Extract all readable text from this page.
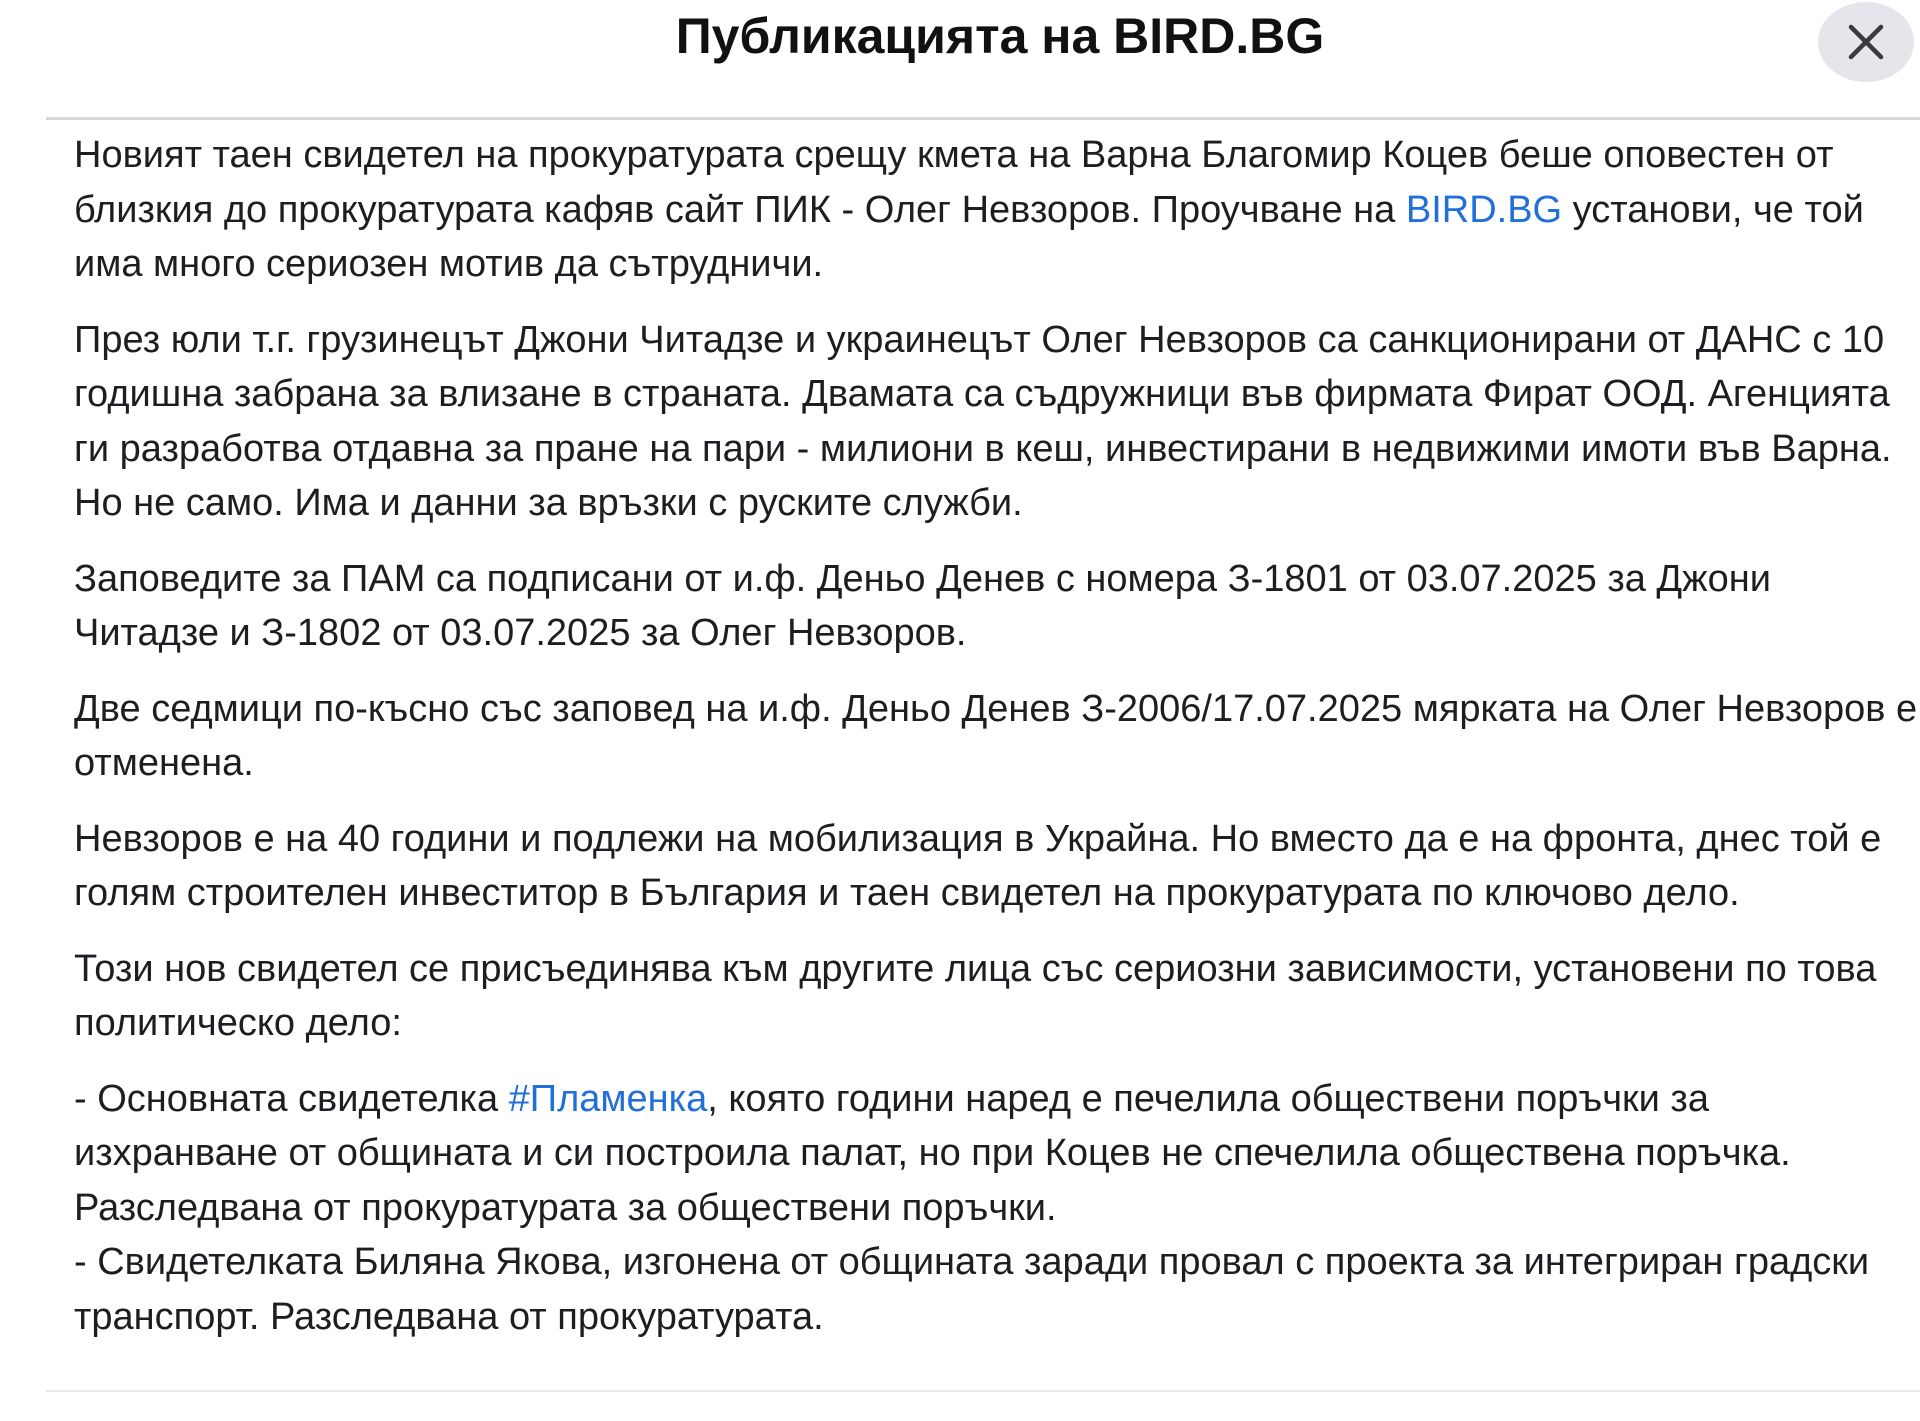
Публикацията на BIRD.BG

Новият таен свидетел на прокуратурата срещу кмета на Варна Благомир Коцев беше оповестен от близкия до прокуратурата кафяв сайт ПИК - Олег Невзоров. Проучване на BIRD.BG установи, че той има много сериозен мотив да сътрудничи.

През юли т.г. грузинецът Джони Читадзе и украинецът Олег Невзоров са санкционирани от ДАНС с 10 годишна забрана за влизане в страната. Двамата са съдружници във фирмата Фират ООД. Агенцията ги разработва отдавна за пране на пари - милиони в кеш, инвестирани в недвижими имоти във Варна. Но не само. Има и данни за връзки с руските служби.

Заповедите за ПАМ са подписани от и.ф. Деньо Денев с номера З-1801 от 03.07.2025 за Джони Читадзе и З-1802 от 03.07.2025 за Олег Невзоров.

Две седмици по-късно със заповед на и.ф. Деньо Денев З-2006/17.07.2025 мярката на Олег Невзоров е отменена.

Невзоров е на 40 години и подлежи на мобилизация в Украйна. Но вместо да е на фронта, днес той е голям строителен инвеститор в България и таен свидетел на прокуратурата по ключово дело.

Този нов свидетел се присъединява към другите лица със сериозни зависимости, установени по това политическо дело:

- Основната свидетелка #Пламенка, която години наред е печелила обществени поръчки за изхранване от общината и си построила палат, но при Коцев не спечелила обществена поръчка. Разследвана от прокуратурата за обществени поръчки.
- Свидетелката Биляна Якова, изгонена от общината заради провал с проекта за интегриран градски транспорт. Разследвана от прокуратурата.
